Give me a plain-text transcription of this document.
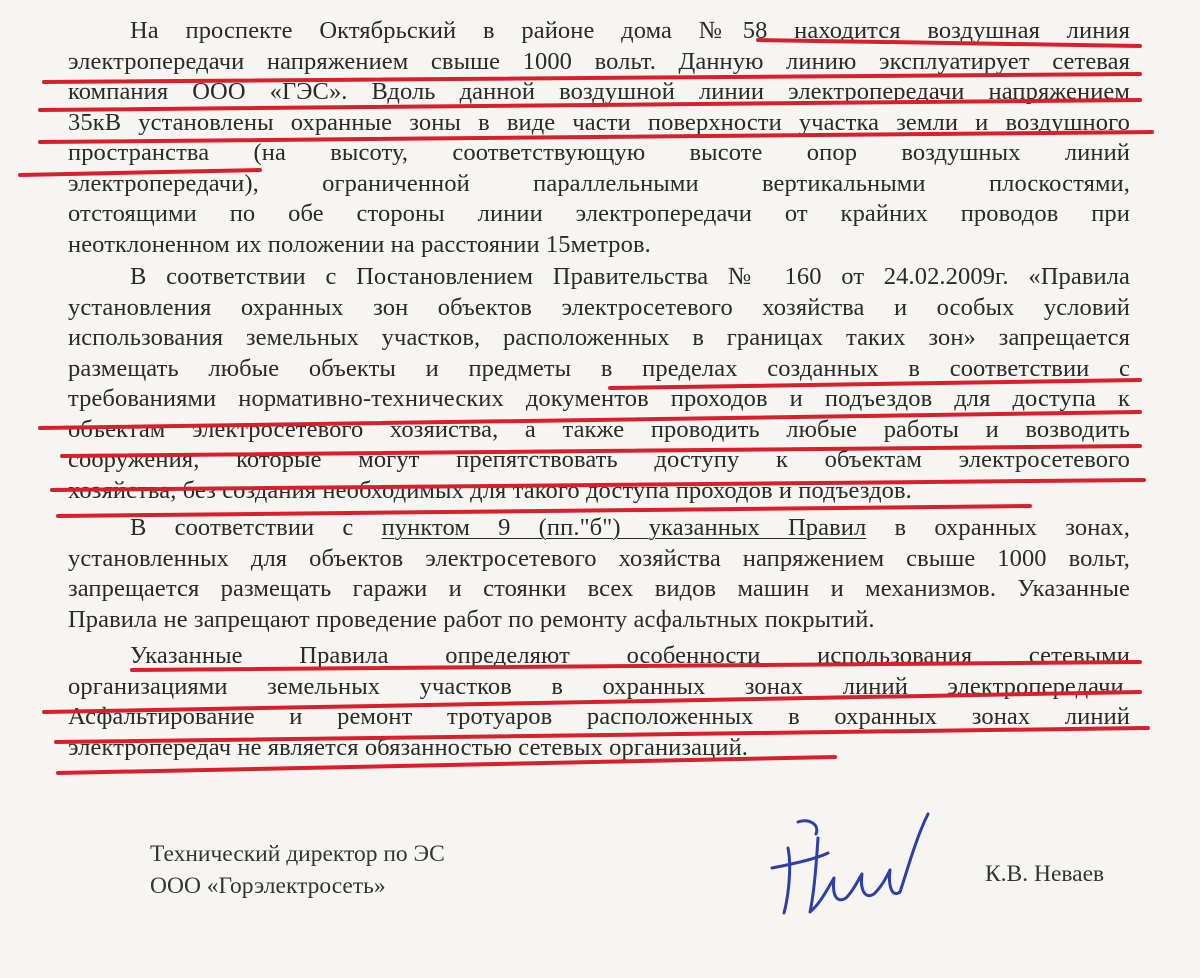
На проспекте Октябрьский в районе дома №58 находится воздушная линия
электропередачи напряжением свыше 1000 вольт. Данную линию эксплуатирует сетевая
компания ООО «ГЭС». Вдоль данной воздушной линии электропередачи напряжением
35кВ установлены охранные зоны в виде части поверхности участка земли и воздушного
пространства (на высоту, соответствующую высоте опор воздушных линий
электропередачи), ограниченной параллельными вертикальными плоскостями,
отстоящими по обе стороны линии электропередачи от крайних проводов при
неотклоненном их положении на расстоянии 15метров.
В соответствии с Постановлением Правительства № 160 от 24.02.2009г. «Правила
установления охранных зон объектов электросетевого хозяйства и особых условий
использования земельных участков, расположенных в границах таких зон» запрещается
размещать любые объекты и предметы в пределах созданных в соответствии с
требованиями нормативно-технических документов проходов и подъездов для доступа к
объектам электросетевого хозяйства, а также проводить любые работы и возводить
сооружения, которые могут препятствовать доступу к объектам электросетевого
хозяйства, без создания необходимых для такого доступа проходов и подъездов.
В соответствии с пунктом 9 (пп."б") указанных Правил в охранных зонах,
установленных для объектов электросетевого хозяйства напряжением свыше 1000 вольт,
запрещается размещать гаражи и стоянки всех видов машин и механизмов. Указанные
Правила не запрещают проведение работ по ремонту асфальтных покрытий.
Указанные Правила определяют особенности использования сетевыми
организациями земельных участков в охранных зонах линий электропередачи.
Асфальтирование и ремонт тротуаров расположенных в охранных зонах линий
электропередач не является обязанностью сетевых организаций.
Технический директор по ЭС
ООО «Горэлектросеть»	К.В. Неваев
